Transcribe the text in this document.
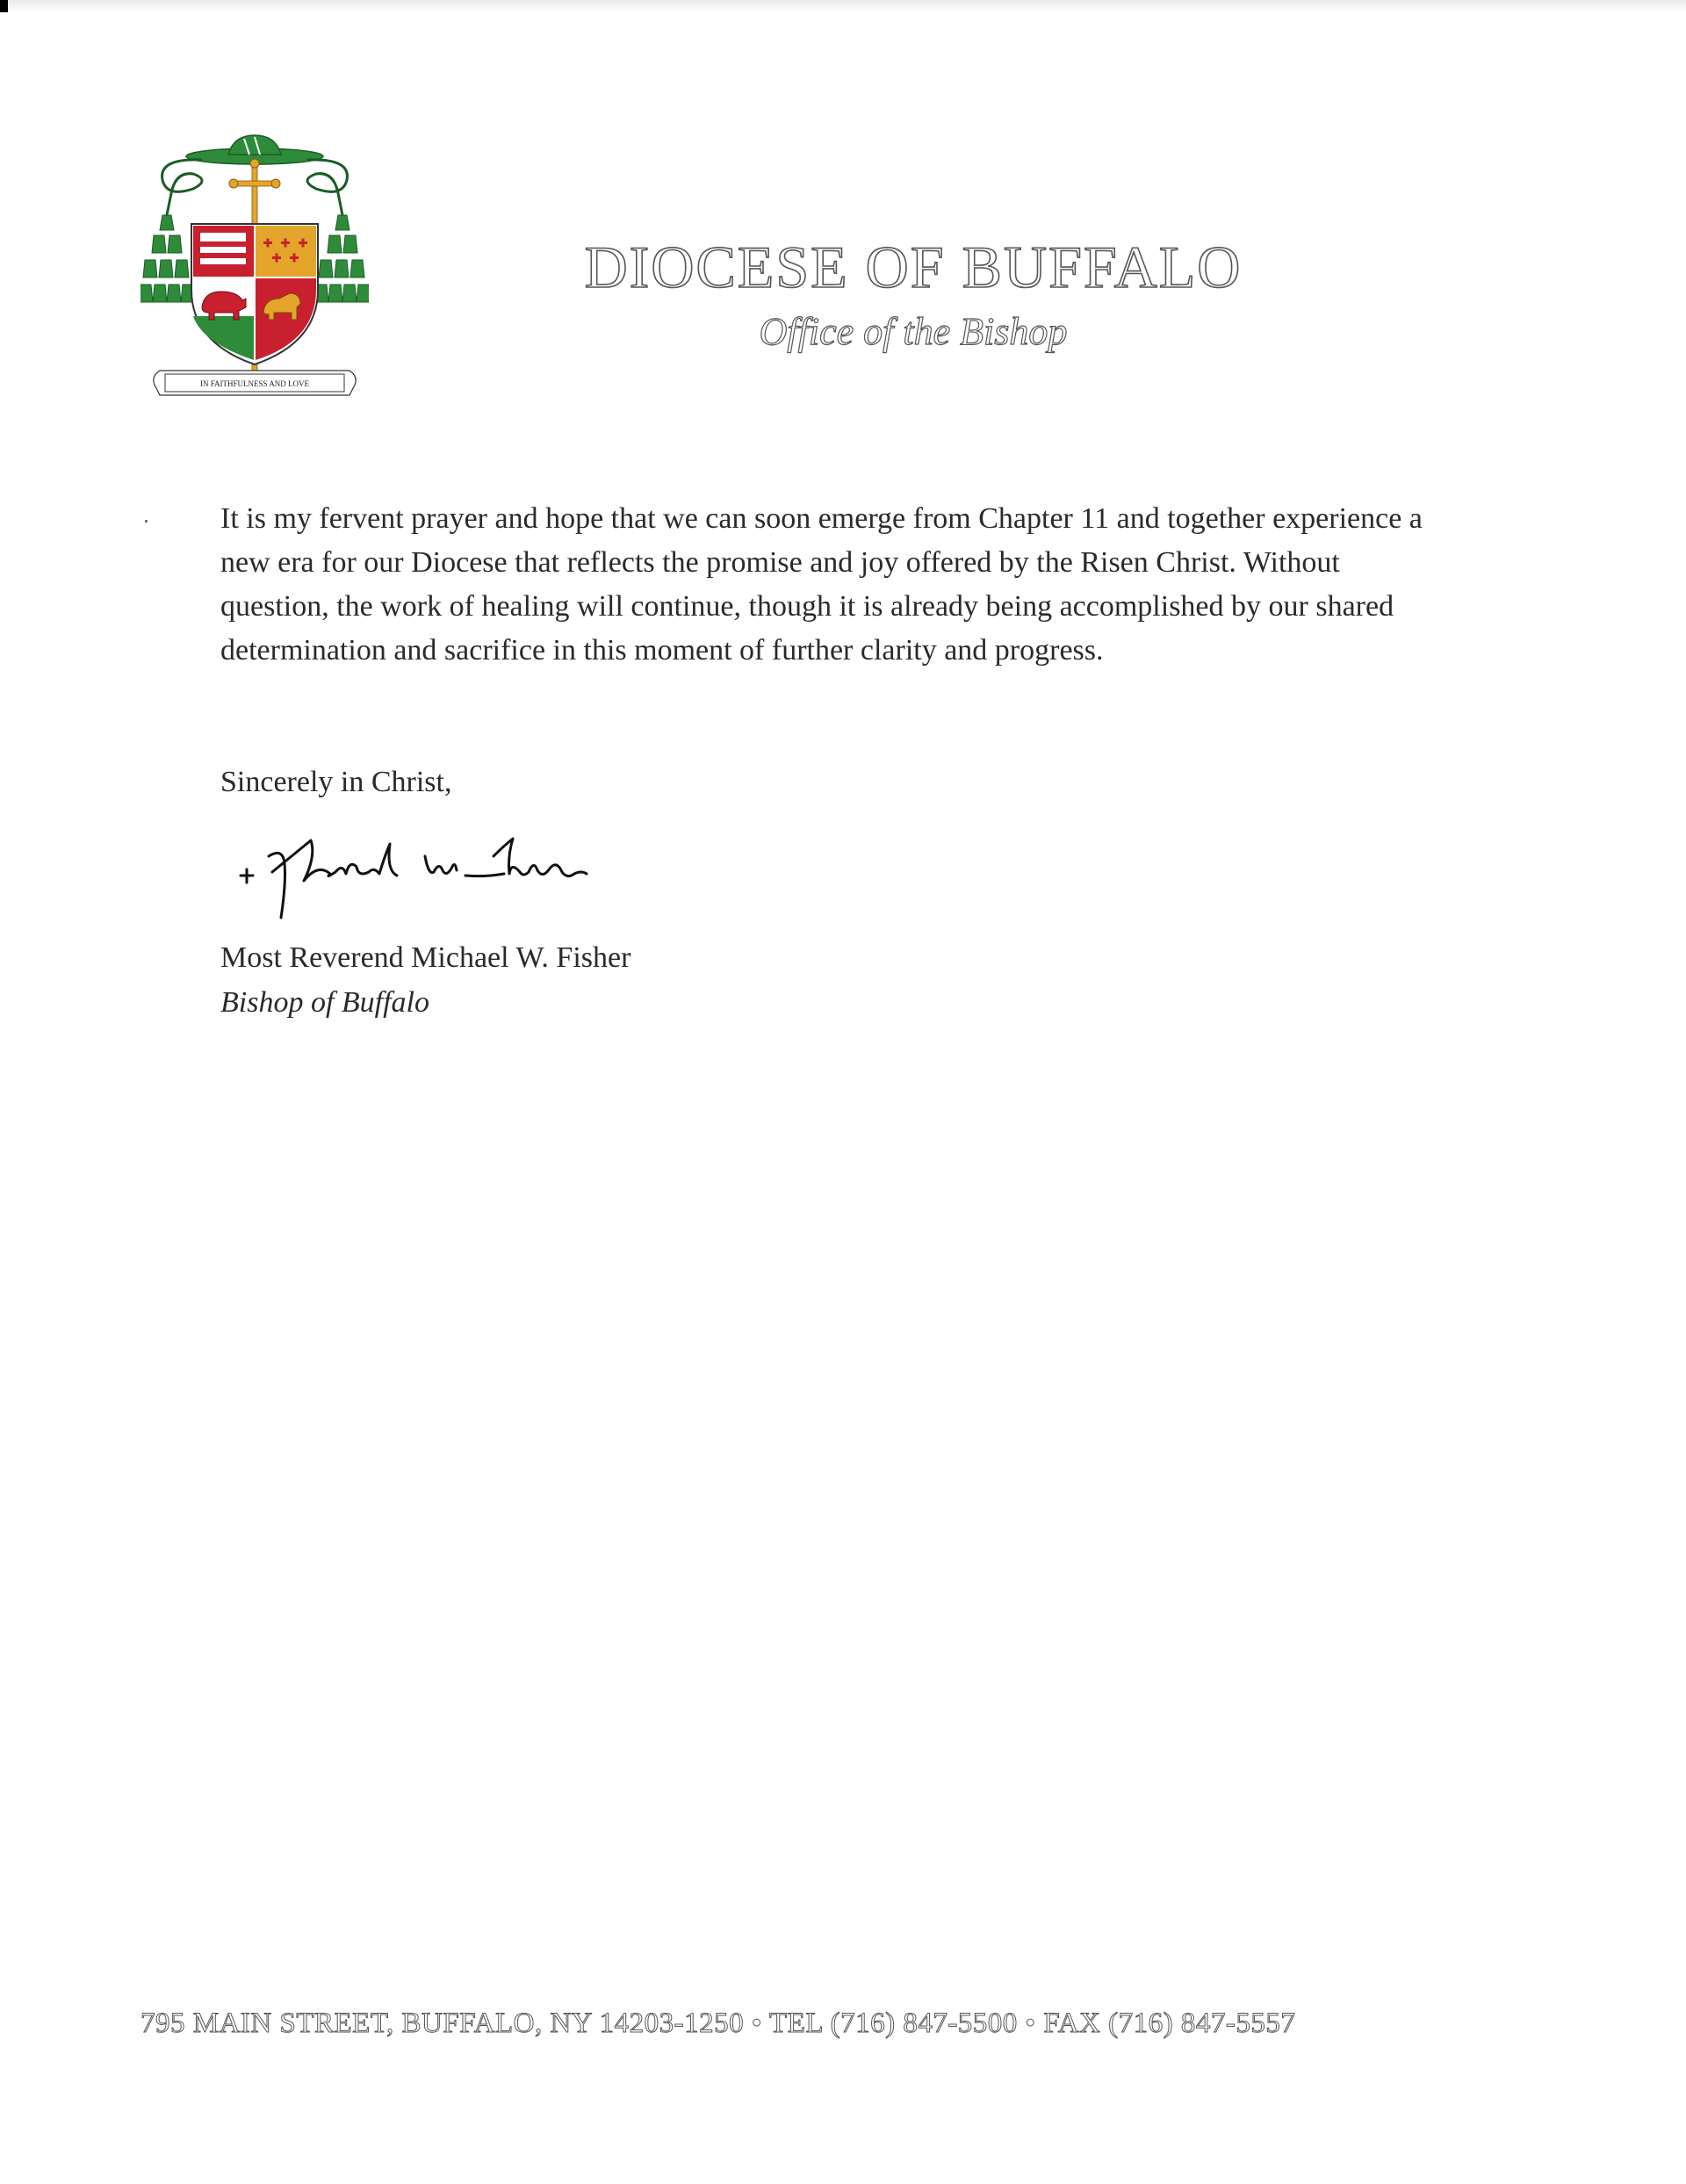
IN FAITHFULNESS AND LOVE
DIOCESE OF BUFFALO
Office of the Bishop

It is my fervent prayer and hope that we can soon emerge from Chapter 11 and together experience a new era for our Diocese that reflects the promise and joy offered by the Risen Christ. Without question, the work of healing will continue, though it is already being accomplished by our shared determination and sacrifice in this moment of further clarity and progress.

Sincerely in Christ,
Most Reverend Michael W. Fisher
Bishop of Buffalo
795 MAIN STREET, BUFFALO, NY 14203-1250 • TEL (716) 847-5500 • FAX (716) 847-5557
